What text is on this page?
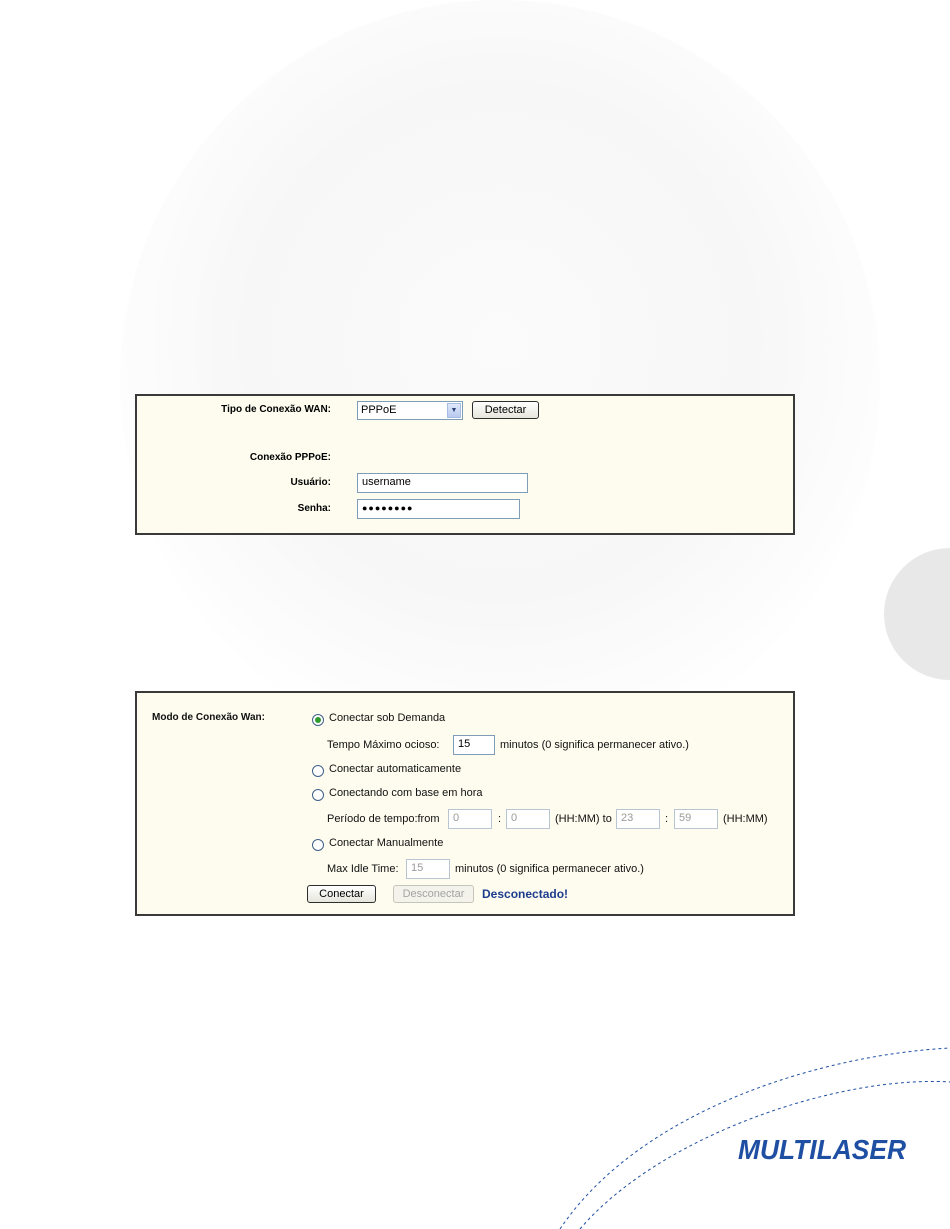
Tipo de Conexão WAN:	PPPoE	▼	Detectar
Conexão PPPoE:
Usuário:	username
Senha:	●●●●●●●●
Modo de Conexão Wan:	Conectar sob Demanda
Tempo Máximo ocioso:	15	minutos (0 significa permanecer ativo.)
Conectar automaticamente
Conectando com base em hora
Período de tempo:from	0	: 0	(HH:MM) to 23	: 59	(HH:MM)
Conectar Manualmente
Max Idle Time:	15	minutos (0 significa permanecer ativo.)
Conectar	Desconectar	Desconectado!
MULTILASER
